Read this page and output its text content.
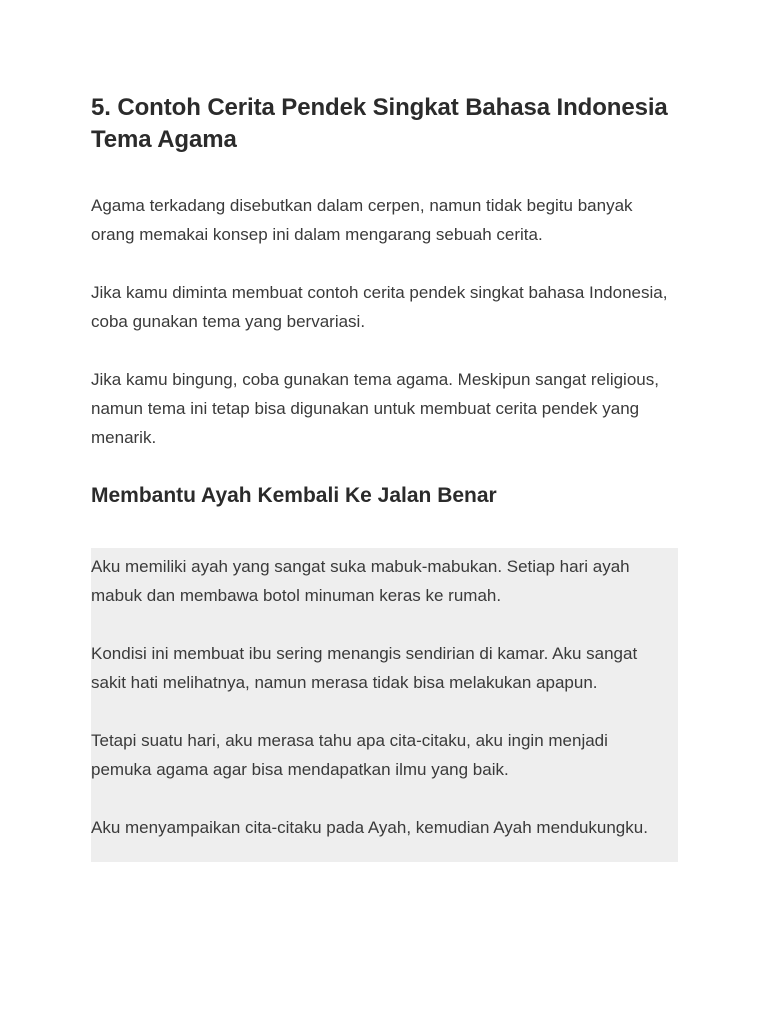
5. Contoh Cerita Pendek Singkat Bahasa Indonesia Tema Agama

Agama terkadang disebutkan dalam cerpen, namun tidak begitu banyak orang memakai konsep ini dalam mengarang sebuah cerita.

Jika kamu diminta membuat contoh cerita pendek singkat bahasa Indonesia, coba gunakan tema yang bervariasi.

Jika kamu bingung, coba gunakan tema agama. Meskipun sangat religious, namun tema ini tetap bisa digunakan untuk membuat cerita pendek yang menarik.

Membantu Ayah Kembali Ke Jalan Benar

Aku memiliki ayah yang sangat suka mabuk-mabukan. Setiap hari ayah mabuk dan membawa botol minuman keras ke rumah.

Kondisi ini membuat ibu sering menangis sendirian di kamar. Aku sangat sakit hati melihatnya, namun merasa tidak bisa melakukan apapun.

Tetapi suatu hari, aku merasa tahu apa cita-citaku, aku ingin menjadi pemuka agama agar bisa mendapatkan ilmu yang baik.

Aku menyampaikan cita-citaku pada Ayah, kemudian Ayah mendukungku.
